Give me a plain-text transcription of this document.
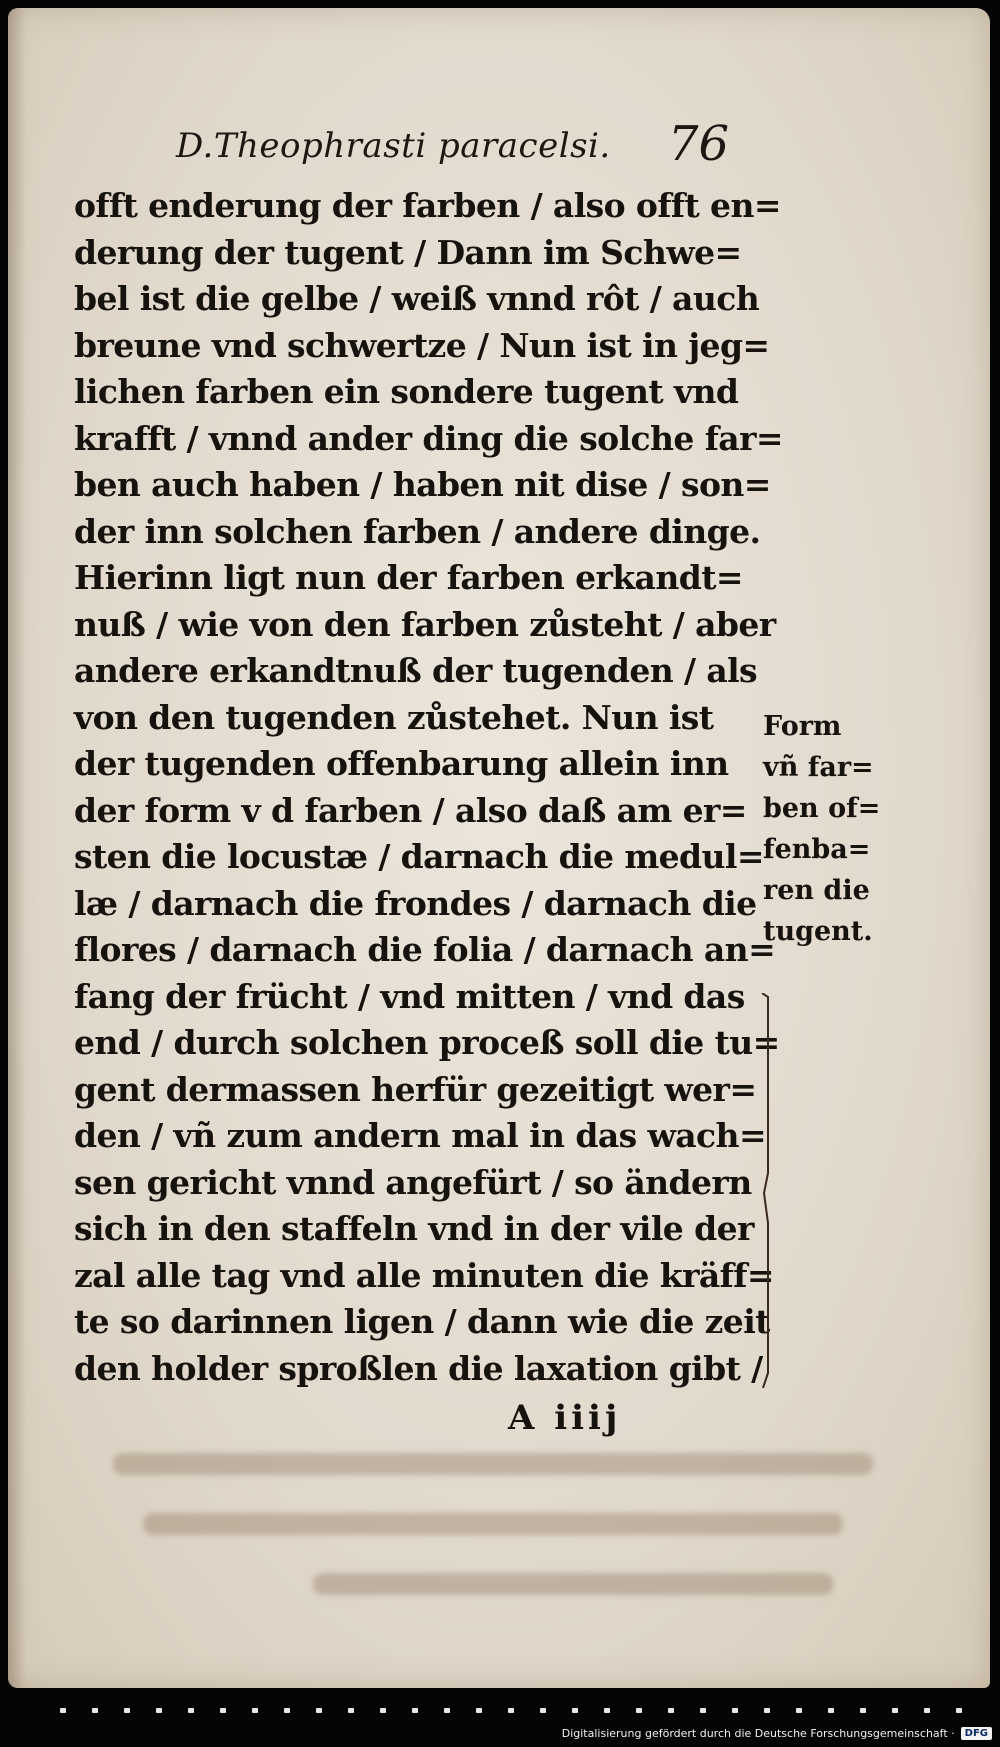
D.Theophrasti paracelsi. 76
offt enderung der farben / also offt en=
derung der tugent / Dann im Schwe=
bel ist die gelbe / weiß vnnd rôt / auch
breune vnd schwertze / Nun ist in jeg=
lichen farben ein sondere tugent vnd
krafft / vnnd ander ding die solche far=
ben auch haben / haben nit dise / son=
der inn solchen farben / andere dinge.
Hierinn ligt nun der farben erkandt=
nuß / wie von den farben zůsteht / aber
andere erkandtnuß der tugenden / als
von den tugenden zůstehet. Nun ist
der tugenden offenbarung allein inn
der form v d farben / also daß am er=
sten die locustæ / darnach die medul=
læ / darnach die frondes / darnach die
flores / darnach die folia / darnach an=
fang der frücht / vnd mitten / vnd das
end / durch solchen proceß soll die tu=
gent dermassen herfür gezeitigt wer=
den / vñ zum andern mal in das wach=
sen gericht vnnd angefürt / so ändern
sich in den staffeln vnd in der vile der
zal alle tag vnd alle minuten die kräff=
te so darinnen ligen / dann wie die zeit
den holder sproßlen die laxation gibt /
Form
vñ far=
ben of=
fenba=
ren die
tugent.
A iiij
Digitalisierung gefördert durch die Deutsche Forschungsgemeinschaft ·	DFG
